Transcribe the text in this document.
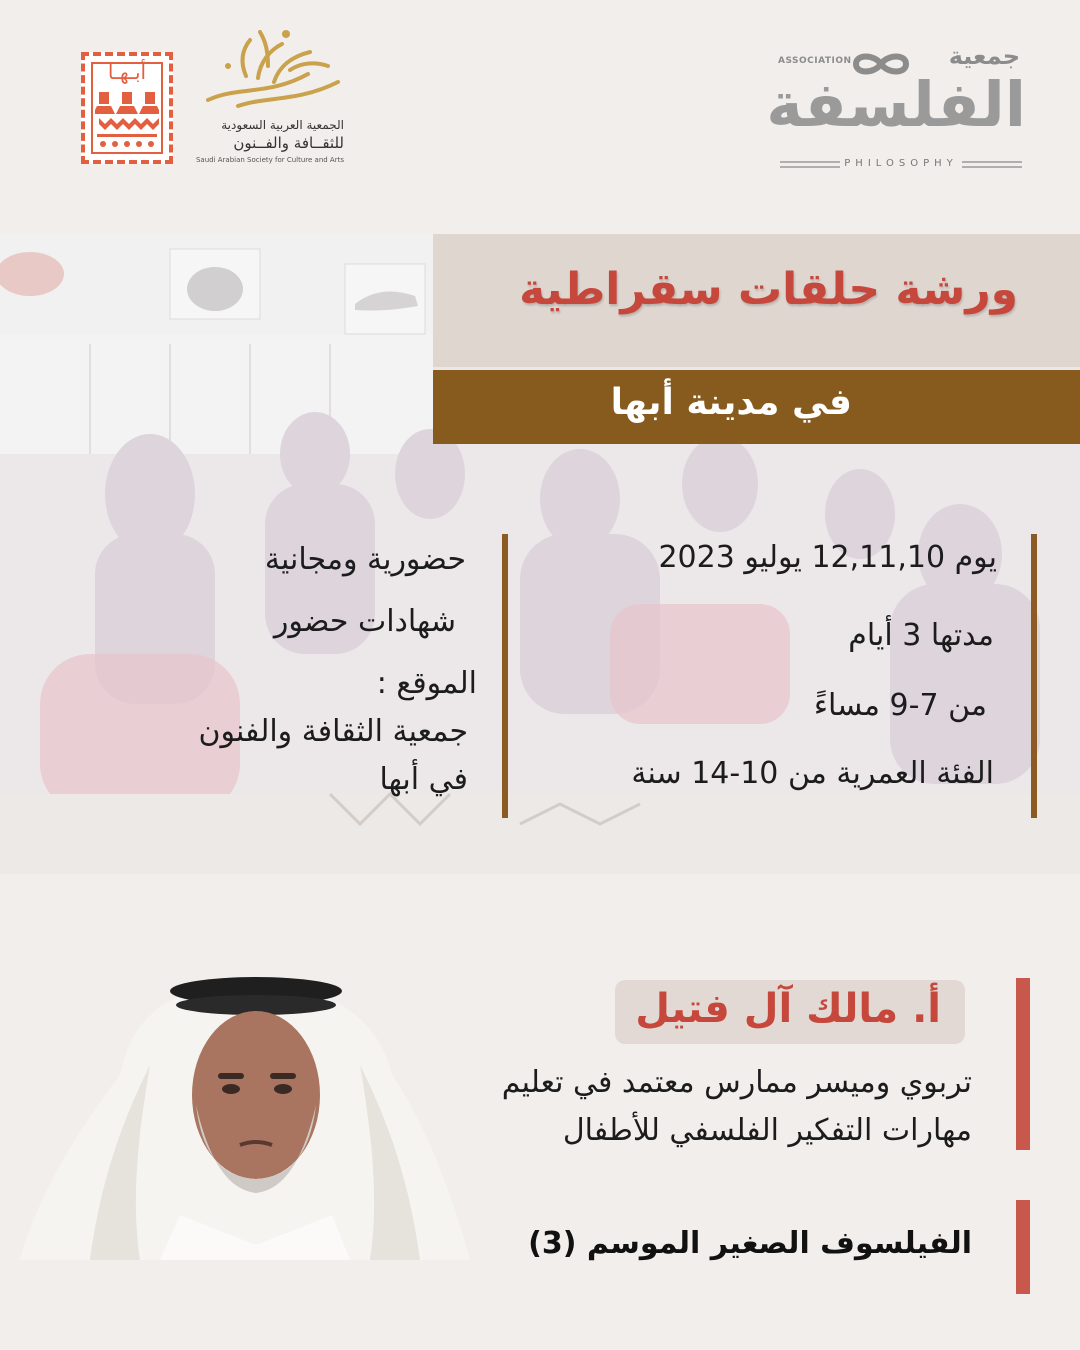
أبـهـا
الجمعية العربية السعودية
للثقــافة والفــنون
Saudi Arabian Society for Culture and Arts
ASSOCIATION	جمعية
الفلسفة
PHILOSOPHY
ورشة حلقات سقراطية
في مدينة أبها
يوم 12,11,10 يوليو 2023
مدتها 3 أيام
من 7-9 مساءً
الفئة العمرية من 10-14 سنة
حضورية ومجانية
شهادات حضور
الموقع :
جمعية الثقافة والفنون
في أبها
أ. مالك آل فتيل
تربوي وميسر ممارس معتمد في تعليم
مهارات التفكير الفلسفي للأطفال
الفيلسوف الصغير الموسم (3)
